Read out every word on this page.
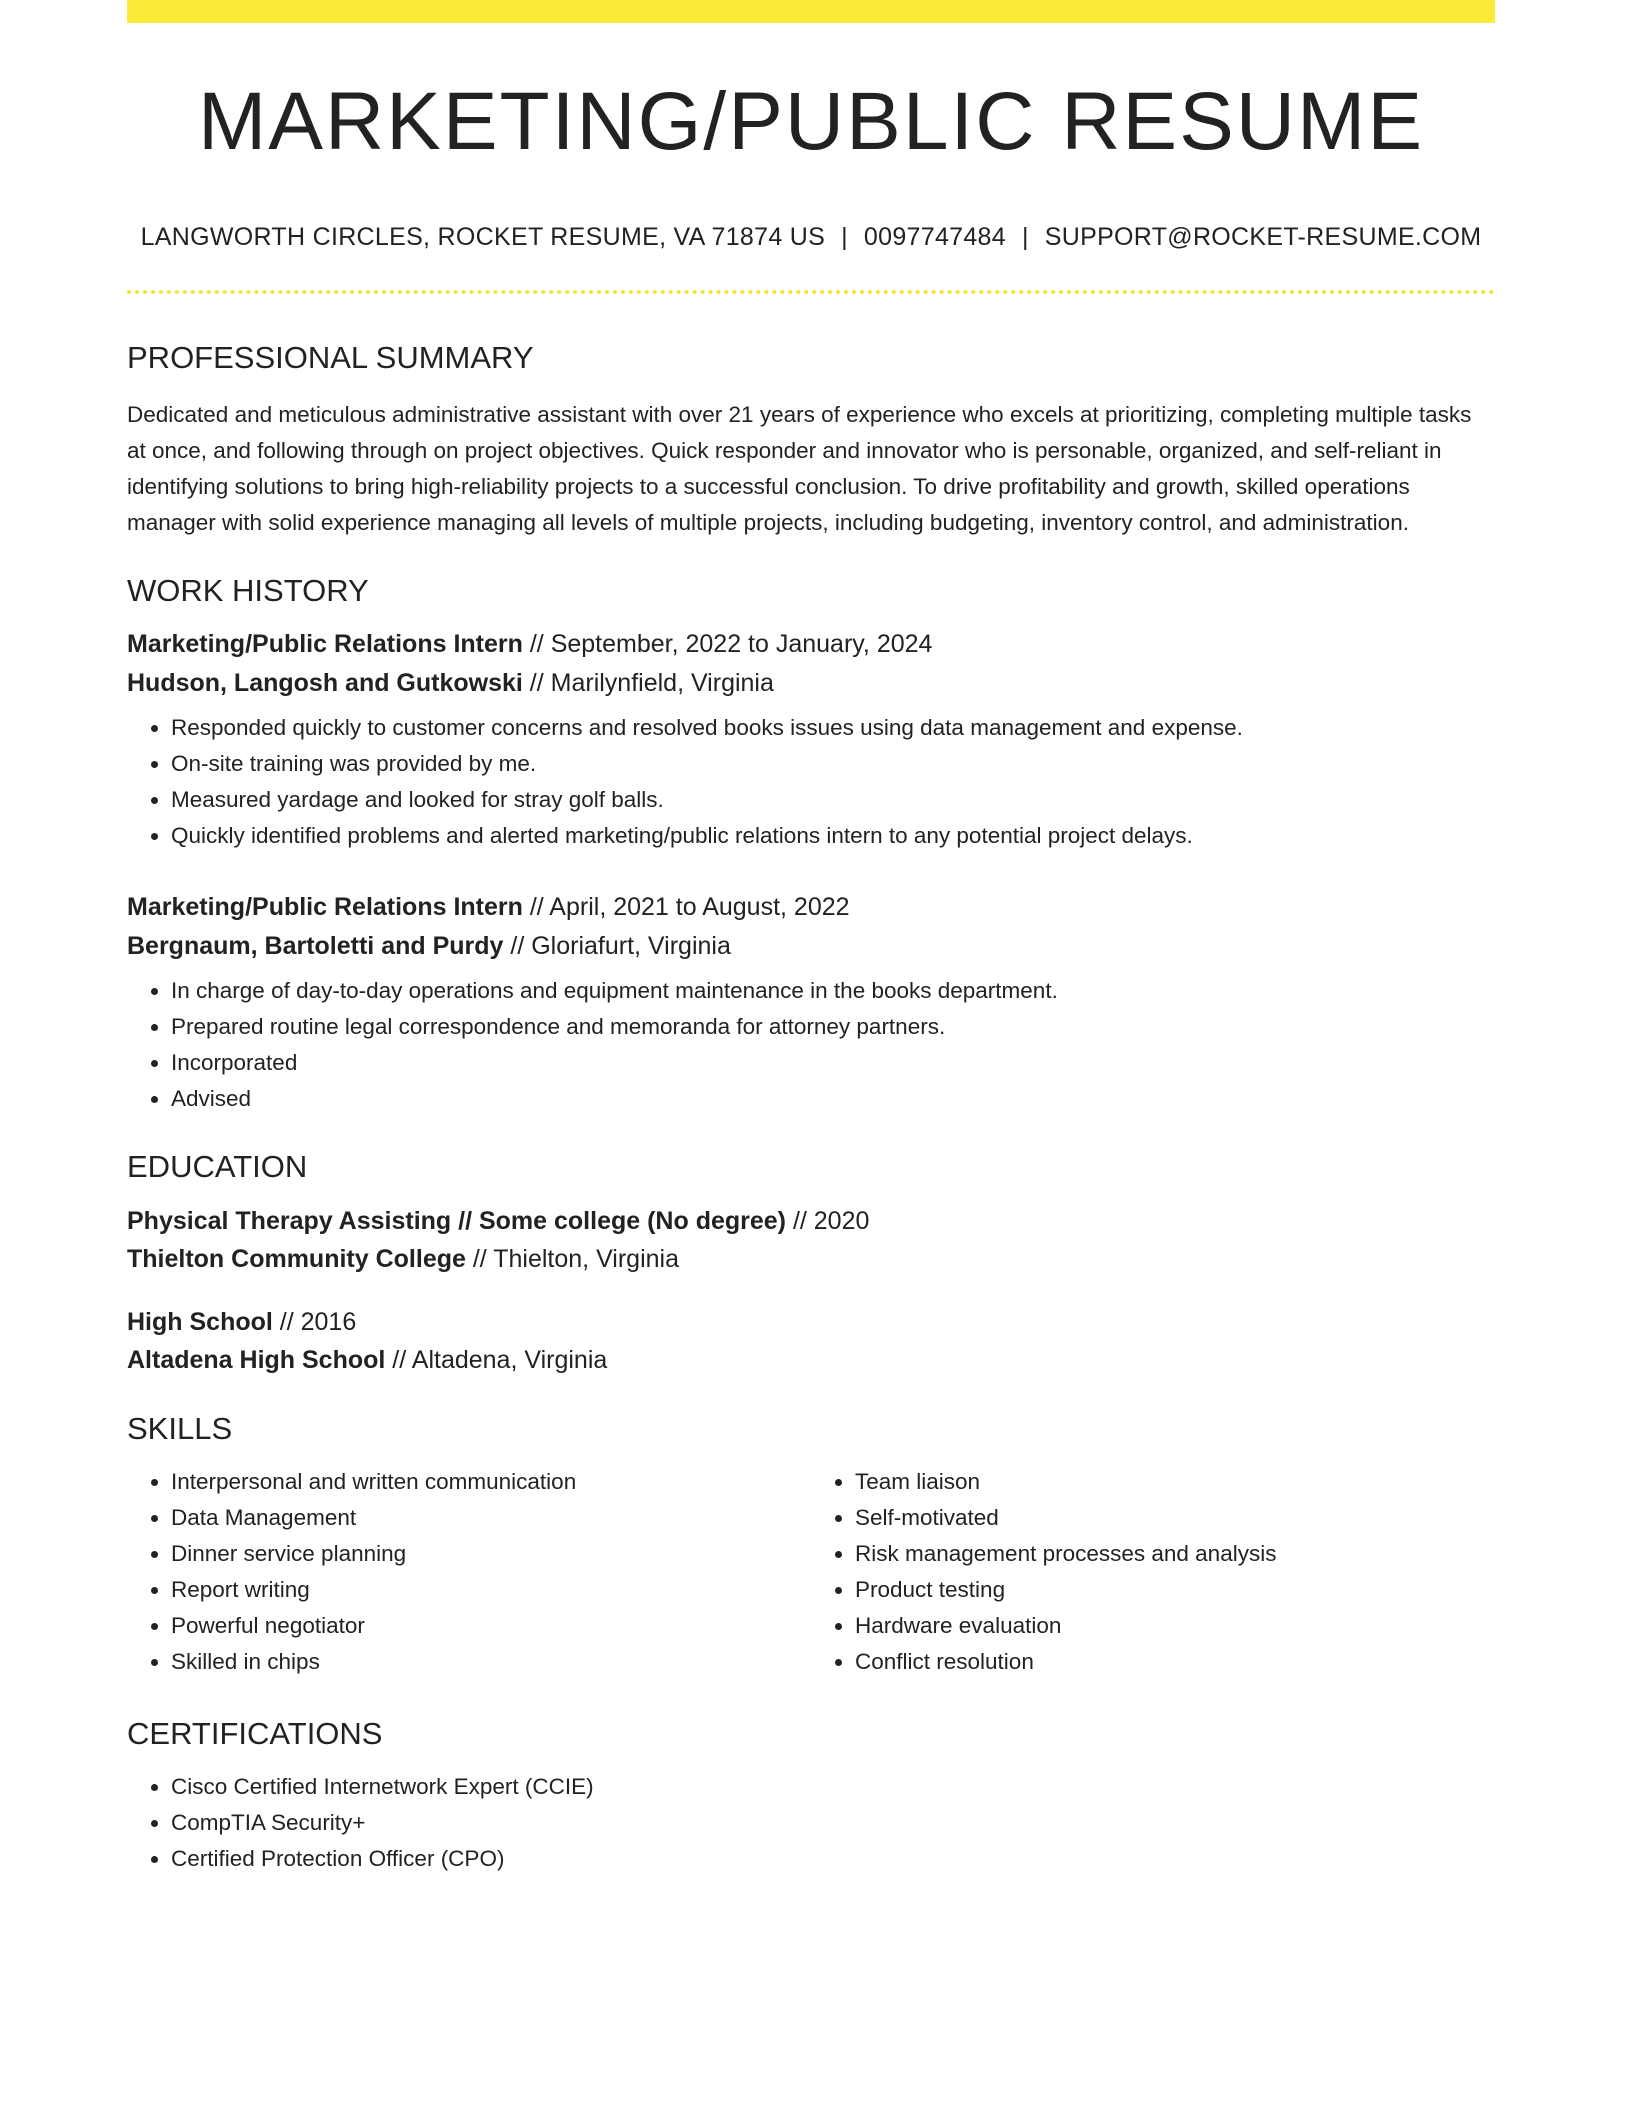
MARKETING/PUBLIC RESUME
LANGWORTH CIRCLES, ROCKET RESUME, VA 71874 US | 0097747484 | SUPPORT@ROCKET-RESUME.COM
PROFESSIONAL SUMMARY

Dedicated and meticulous administrative assistant with over 21 years of experience who excels at prioritizing, completing multiple tasks at once, and following through on project objectives. Quick responder and innovator who is personable, organized, and self-reliant in identifying solutions to bring high-reliability projects to a successful conclusion. To drive profitability and growth, skilled operations manager with solid experience managing all levels of multiple projects, including budgeting, inventory control, and administration.

WORK HISTORY

Marketing/Public Relations Intern // September, 2022 to January, 2024

Hudson, Langosh and Gutkowski // Marilynfield, Virginia

• Responded quickly to customer concerns and resolved books issues using data management and expense.
• On-site training was provided by me.
• Measured yardage and looked for stray golf balls.
• Quickly identified problems and alerted marketing/public relations intern to any potential project delays.

Marketing/Public Relations Intern // April, 2021 to August, 2022

Bergnaum, Bartoletti and Purdy // Gloriafurt, Virginia

• In charge of day-to-day operations and equipment maintenance in the books department.
• Prepared routine legal correspondence and memoranda for attorney partners.
• Incorporated
• Advised
EDUCATION

Physical Therapy Assisting // Some college (No degree) // 2020

Thielton Community College // Thielton, Virginia

High School // 2016

Altadena High School // Altadena, Virginia

SKILLS
• Interpersonal and written communication
• Data Management
• Dinner service planning
• Report writing
• Powerful negotiator
• Skilled in chips
• Team liaison
• Self-motivated
• Risk management processes and analysis
• Product testing
• Hardware evaluation
• Conflict resolution
CERTIFICATIONS
• Cisco Certified Internetwork Expert (CCIE)
• CompTIA Security+
• Certified Protection Officer (CPO)
